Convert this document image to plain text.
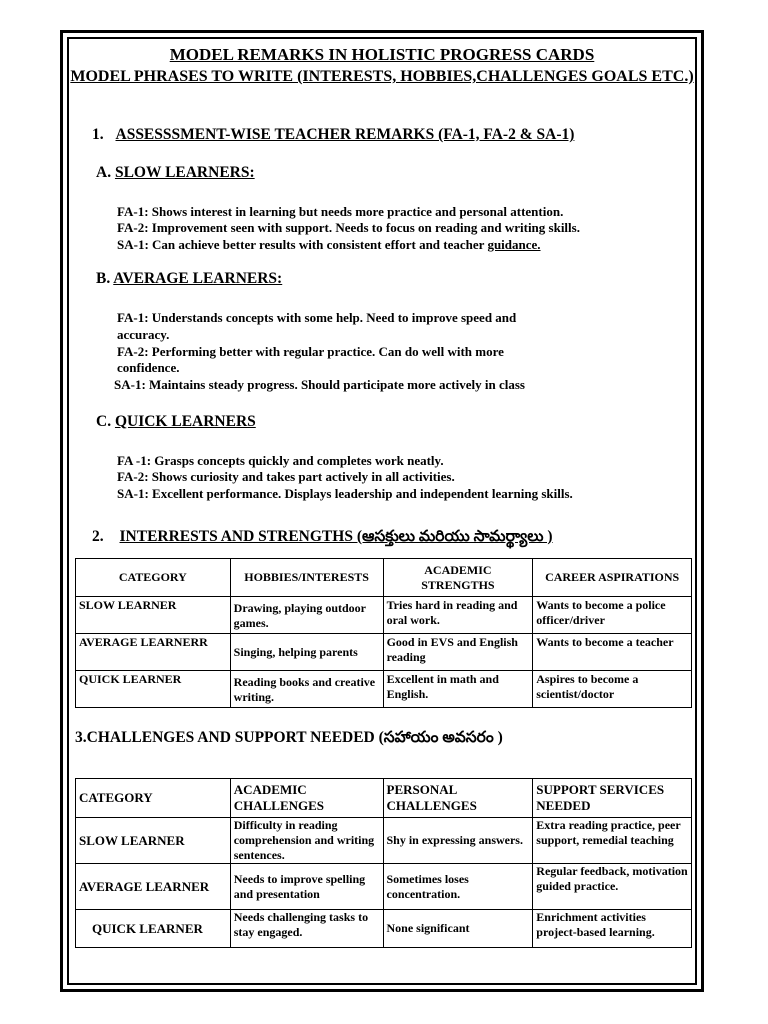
MODEL REMARKS IN HOLISTIC PROGRESS CARDS
MODEL PHRASES TO WRITE (INTERESTS, HOBBIES,CHALLENGES GOALS ETC.)
1. ASSESSSMENT-WISE TEACHER REMARKS (FA-1, FA-2 & SA-1)
A. SLOW LEARNERS:
FA-1: Shows interest in learning but needs more practice and personal attention.
FA-2: Improvement seen with support. Needs to focus on reading and writing skills.
SA-1: Can achieve better results with consistent effort and teacher guidance.
B. AVERAGE LEARNERS:
FA-1: Understands concepts with some help. Need to improve speed and
accuracy.
FA-2: Performing better with regular practice. Can do well with more
confidence.
SA-1: Maintains steady progress. Should participate more actively in class
C. QUICK LEARNERS
FA -1: Grasps concepts quickly and completes work neatly.
FA-2: Shows curiosity and takes part actively in all activities.
SA-1: Excellent performance. Displays leadership and independent learning skills.
2. INTERRESTS AND STRENGTHS (ఆసక్తులు మరియు సామర్థ్యాలు )
CATEGORY	HOBBIES/INTERESTS	ACADEMIC STRENGTHS	CAREER ASPIRATIONS
SLOW LEARNER	Drawing, playing outdoor games.	Tries hard in reading and oral work.	Wants to become a police officer/driver
AVERAGE LEARNERR	Singing, helping parents	Good in EVS and English reading	Wants to become a teacher
QUICK LEARNER	Reading books and creative writing.	Excellent in math and English.	Aspires to become a scientist/doctor
3.CHALLENGES AND SUPPORT NEEDED (సహాయం అవసరం )
CATEGORY	ACADEMIC CHALLENGES	PERSONAL CHALLENGES	SUPPORT SERVICES NEEDED
SLOW LEARNER	Difficulty in reading comprehension and writing sentences.	Shy in expressing answers.	Extra reading practice, peer support, remedial teaching
AVERAGE LEARNER	Needs to improve spelling and presentation	Sometimes loses concentration.	Regular feedback, motivation guided practice.
QUICK LEARNER	Needs challenging tasks to stay engaged.	None significant	Enrichment activities project-based learning.
